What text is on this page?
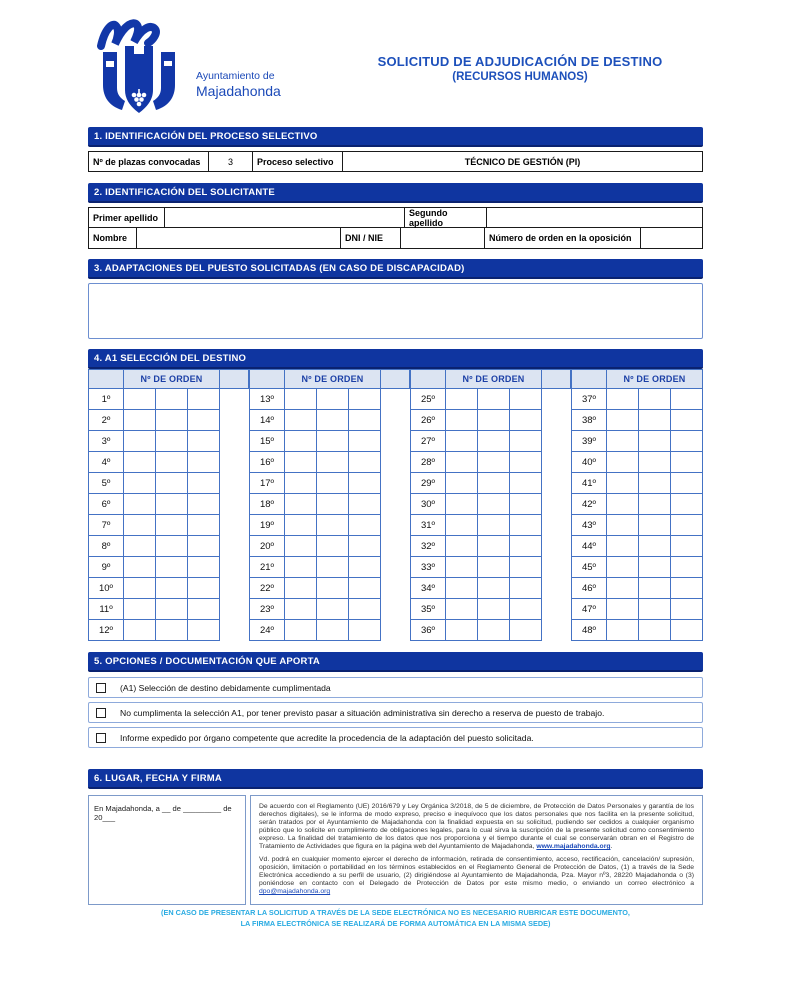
Ayuntamiento de
Majadahonda
SOLICITUD DE ADJUDICACIÓN DE DESTINO
(RECURSOS HUMANOS)
1. IDENTIFICACIÓN DEL PROCESO SELECTIVO
Nº de plazas convocadas	3	Proceso selectivo	TÉCNICO DE GESTIÓN (PI)
2. IDENTIFICACIÓN DEL SOLICITANTE
Primer apellido	Segundo apellido
Nombre	DNI / NIE	Número de orden en la oposición
3. ADAPTACIONES DEL PUESTO SOLICITADAS (EN CASO DE DISCAPACIDAD)
4. A1 SELECCIÓN DEL DESTINO
Nº DE ORDEN	Nº DE ORDEN	Nº DE ORDEN	Nº DE ORDEN
1º	13º	25º	37º
2º	14º	26º	38º
3º	15º	27º	39º
4º	16º	28º	40º
5º	17º	29º	41º
6º	18º	30º	42º
7º	19º	31º	43º
8º	20º	32º	44º
9º	21º	33º	45º
10º	22º	34º	46º
11º	23º	35º	47º
12º	24º	36º	48º
5. OPCIONES / DOCUMENTACIÓN QUE APORTA
(A1) Selección de destino debidamente cumplimentada
No cumplimenta la selección A1, por tener previsto pasar a situación administrativa sin derecho a reserva de puesto de trabajo.
Informe expedido por órgano competente que acredite la procedencia de la adaptación del puesto solicitada.
6. LUGAR, FECHA Y FIRMA
En Majadahonda, a __ de _________ de 20___

De acuerdo con el Reglamento (UE) 2016/679 y Ley Orgánica 3/2018, de 5 de diciembre, de Protección de Datos Personales y garantía de los derechos digitales), se le informa de modo expreso, preciso e inequívoco que los datos personales que nos facilita en la presente solicitud, serán tratados por el Ayuntamiento de Majadahonda con la finalidad expuesta en su solicitud, pudiendo ser cedidos a cualquier organismo público que lo solicite en cumplimiento de obligaciones legales, para lo cual sirva la suscripción de la presente solicitud como consentimiento expreso. La finalidad del tratamiento de los datos que nos proporciona y el tiempo durante el cual se conservarán obran en el Registro de Tratamiento de Actividades que figura en la página web del Ayuntamiento de Majadahonda, www.majadahonda.org.

Vd. podrá en cualquier momento ejercer el derecho de información, retirada de consentimiento, acceso, rectificación, cancelación/ supresión, oposición, limitación o portabilidad en los términos establecidos en el Reglamento General de Protección de Datos, (1) a través de la Sede Electrónica accediendo a su perfil de usuario, (2) dirigiéndose al Ayuntamiento de Majadahonda, Pza. Mayor nº3, 28220 Majadahonda o (3) poniéndose en contacto con el Delegado de Protección de Datos por este mismo medio, o enviando un correo electrónico a dpo@majadahonda.org

(EN CASO DE PRESENTAR LA SOLICITUD A TRAVÉS DE LA SEDE ELECTRÓNICA NO ES NECESARIO RUBRICAR ESTE DOCUMENTO,
LA FIRMA ELECTRÓNICA SE REALIZARÁ DE FORMA AUTOMÁTICA EN LA MISMA SEDE)
